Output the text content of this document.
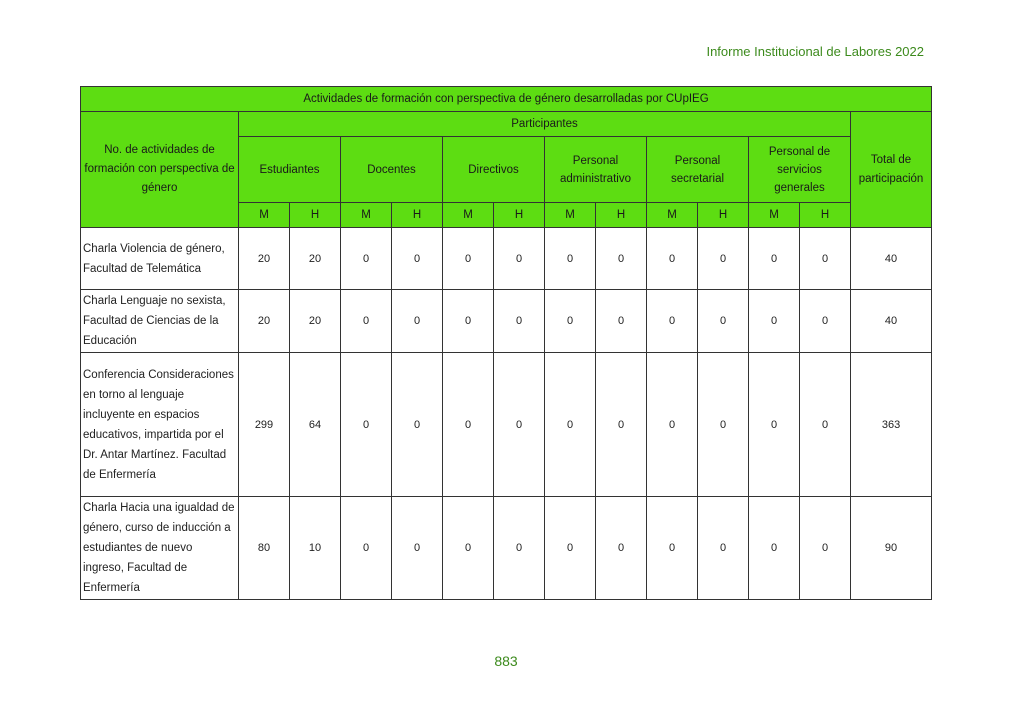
Informe Institucional de Labores 2022
Actividades de formación con perspectiva de género desarrolladas por CUpIEG													
No. de actividades de formación con perspectiva de género	Participantes												Total de participación
	Estudiantes		Docentes		Directivos		Personal administrativo		Personal secretarial		Personal de servicios generales		
	M	H	M	H	M	H	M	H	M	H	M	H	
Charla Violencia de género, Facultad de Telemática	20	20	0	0	0	0	0	0	0	0	0	0	40
Charla Lenguaje no sexista, Facultad de Ciencias de la Educación	20	20	0	0	0	0	0	0	0	0	0	0	40
Conferencia Consideraciones en torno al lenguaje incluyente en espacios educativos, impartida por el Dr. Antar Martínez. Facultad de Enfermería	299	64	0	0	0	0	0	0	0	0	0	0	363
Charla Hacia una igualdad de género, curso de inducción a estudiantes de nuevo ingreso, Facultad de Enfermería	80	10	0	0	0	0	0	0	0	0	0	0	90
883
